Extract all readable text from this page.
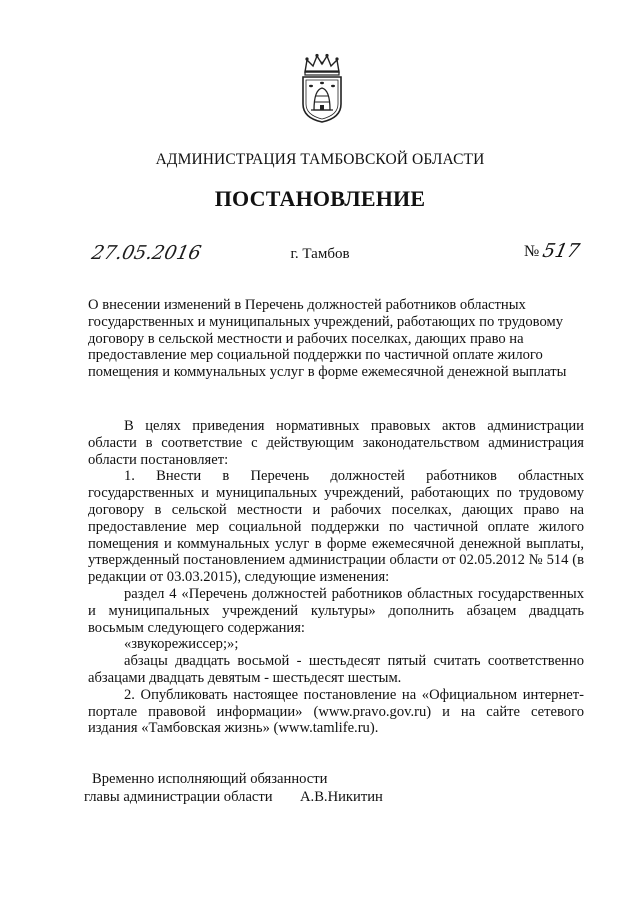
АДМИНИСТРАЦИЯ ТАМБОВСКОЙ ОБЛАСТИ
ПОСТАНОВЛЕНИЕ
27.05.2016	г. Тамбов	№ 517

О внесении изменений в Перечень должностей работников областных государственных и муниципальных учреждений, работающих по трудовому договору в сельской местности и рабочих поселках, дающих право на предоставление мер социальной поддержки по частичной оплате жилого помещения и коммунальных услуг в форме ежемесячной денежной выплаты

В целях приведения нормативных правовых актов администрации области в соответствие с действующим законодательством администрация области постановляет:

1. Внести в Перечень должностей работников областных государственных и муниципальных учреждений, работающих по трудовому договору в сельской местности и рабочих поселках, дающих право на предоставление мер социальной поддержки по частичной оплате жилого помещения и коммунальных услуг в форме ежемесячной денежной выплаты, утвержденный постановлением администрации области от 02.05.2012 № 514 (в редакции от 03.03.2015), следующие изменения:

раздел 4 «Перечень должностей работников областных государственных и муниципальных учреждений культуры» дополнить абзацем двадцать восьмым следующего содержания:

«звукорежиссер;»;

абзацы двадцать восьмой - шестьдесят пятый считать соответственно абзацами двадцать девятым - шестьдесят шестым.

2. Опубликовать настоящее постановление на «Официальном интернет-портале правовой информации» (www.pravo.gov.ru) и на сайте сетевого издания «Тамбовская жизнь» (www.tamlife.ru).

Временно исполняющий обязанности
главы администрации области	А.В.Никитин
